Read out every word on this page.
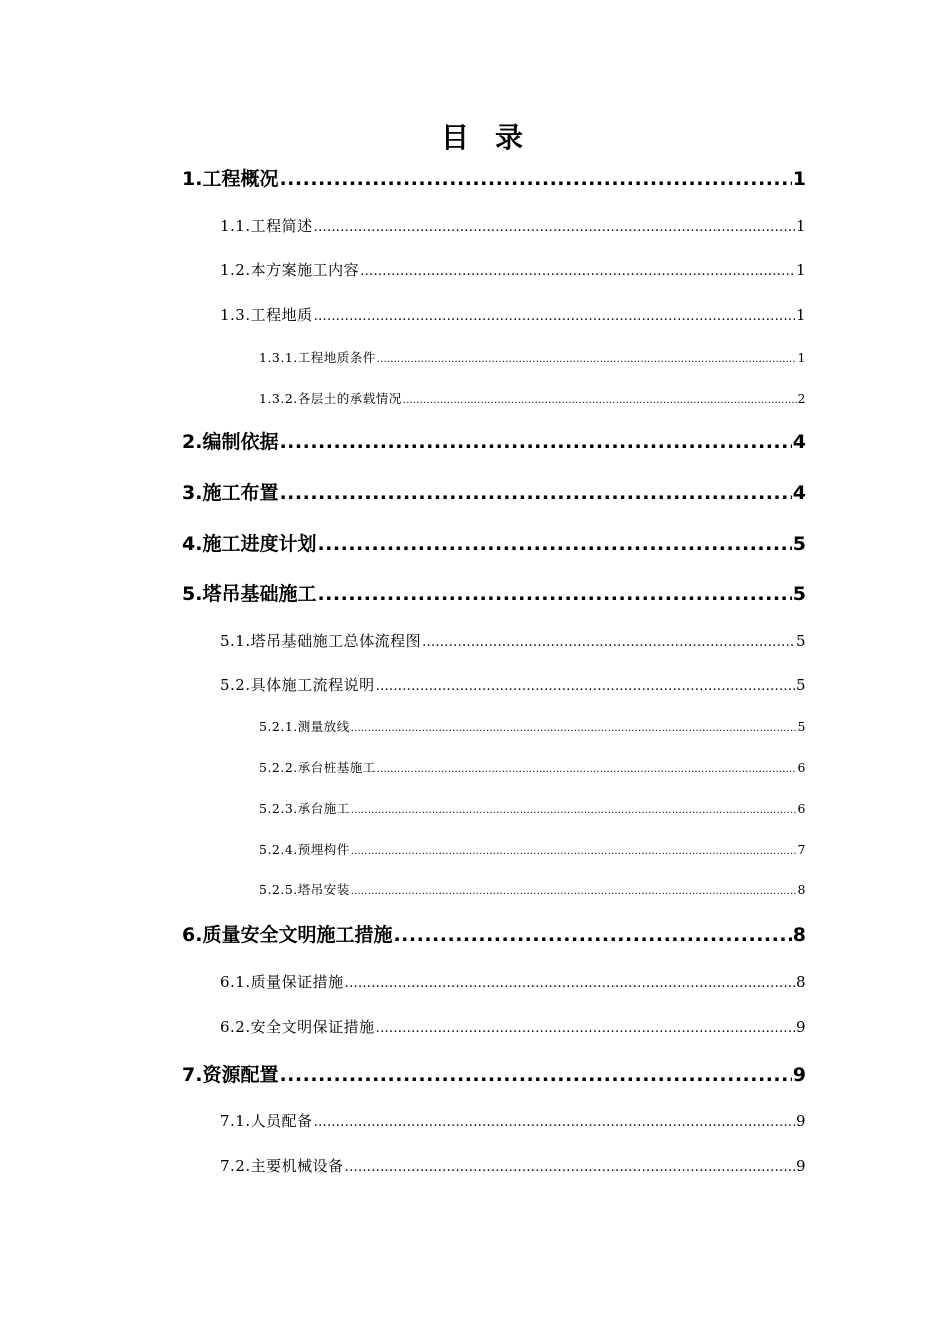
目录
1. 工程概况 .....	1
1.1. 工程简述 .....	1
1.2. 本方案施工内容 .....	1
1.3. 工程地质 .....	1
1.3.1. 工程地质条件 .....	1
1.3.2. 各层土的承载情况 .....	2
2. 编制依据 .....	4
3. 施工布置 .....	4
4. 施工进度计划 .....	5
5. 塔吊基础施工 .....	5
5.1. 塔吊基础施工总体流程图 .....	5
5.2. 具体施工流程说明 .....	5
5.2.1. 测量放线 .....	5
5.2.2. 承台桩基施工 .....	6
5.2.3. 承台施工 .....	6
5.2.4. 预埋构件 .....	7
5.2.5. 塔吊安装 .....	8
6. 质量安全文明施工措施 .....	8
6.1. 质量保证措施 .....	8
6.2. 安全文明保证措施 .....	9
7. 资源配置 .....	9
7.1. 人员配备 .....	9
7.2. 主要机械设备 .....	9
